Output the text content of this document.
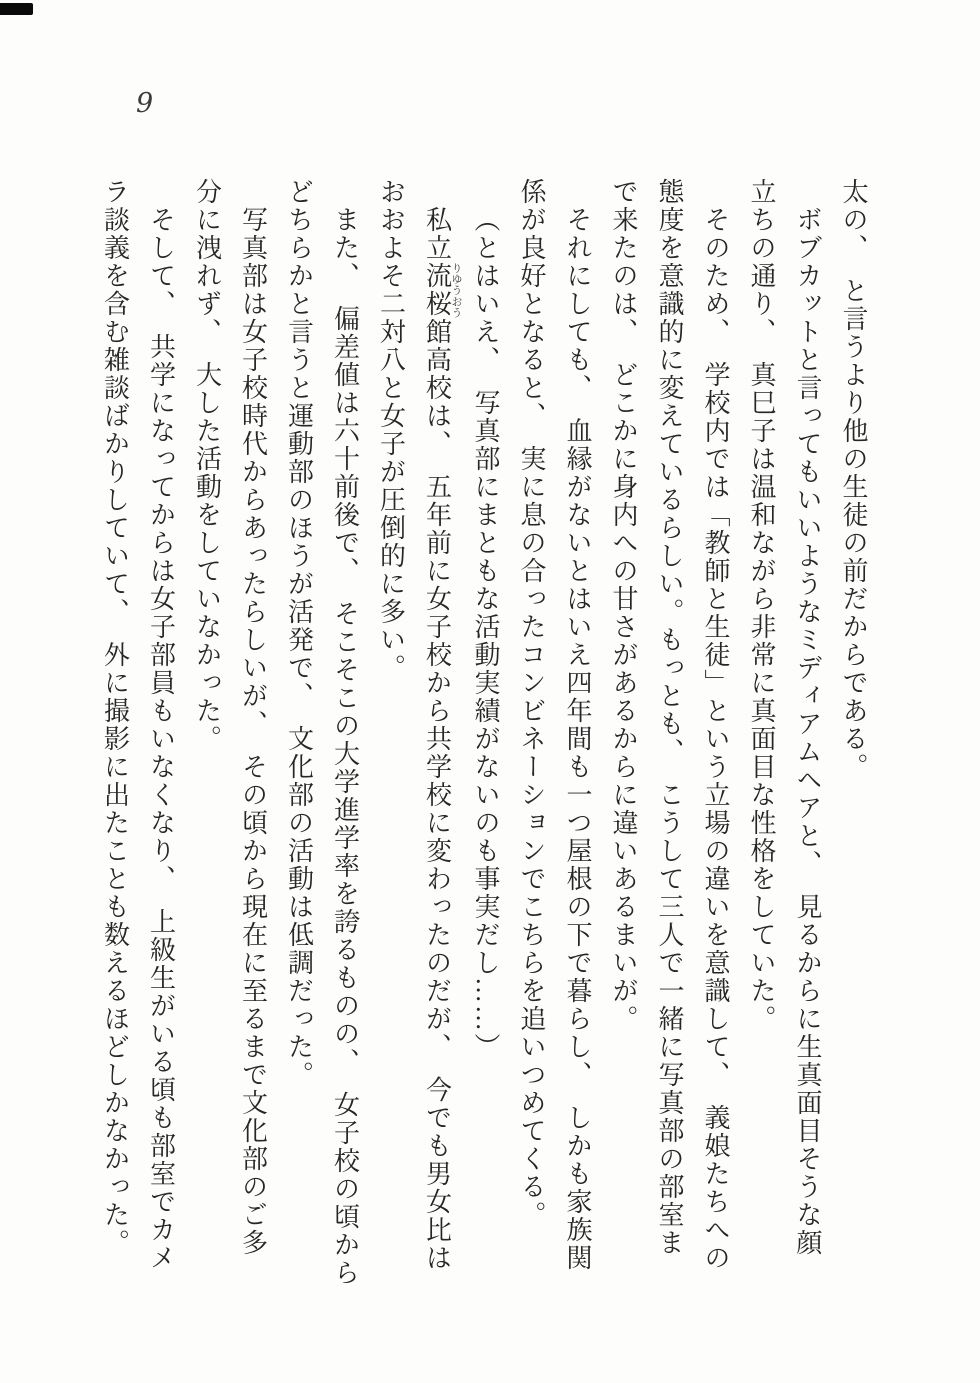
9
太の、　と言うより他の生徒の前だからである。
ボブカットと言ってもいいようなミディアムヘアと、　見るからに生真面目そうな顔
立ちの通り、　真巳子は温和ながら非常に真面目な性格をしていた。
そのため、　学校内では「教師と生徒」という立場の違いを意識して、　義娘たちへの
態度を意識的に変えているらしい。もっとも、　こうして三人で一緒に写真部の部室ま
で来たのは、　どこかに身内への甘さがあるからに違いあるまいが。
それにしても、　血縁がないとはいえ四年間も一つ屋根の下で暮らし、　しかも家族関
係が良好となると、　実に息の合ったコンビネーションでこちらを追いつめてくる。
（とはいえ、　写真部にまともな活動実績がないのも事実だし……）
私立流桜りゆうおう館高校は、　五年前に女子校から共学校に変わったのだが、　今でも男女比は
おおよそ二対八と女子が圧倒的に多い。
また、　偏差値は六十前後で、　そこそこの大学進学率を誇るものの、　女子校の頃から
どちらかと言うと運動部のほうが活発で、　文化部の活動は低調だった。
写真部は女子校時代からあったらしいが、　その頃から現在に至るまで文化部のご多
分に洩れず、　大した活動をしていなかった。
そして、　共学になってからは女子部員もいなくなり、　上級生がいる頃も部室でカメ
ラ談義を含む雑談ばかりしていて、　外に撮影に出たことも数えるほどしかなかった。
